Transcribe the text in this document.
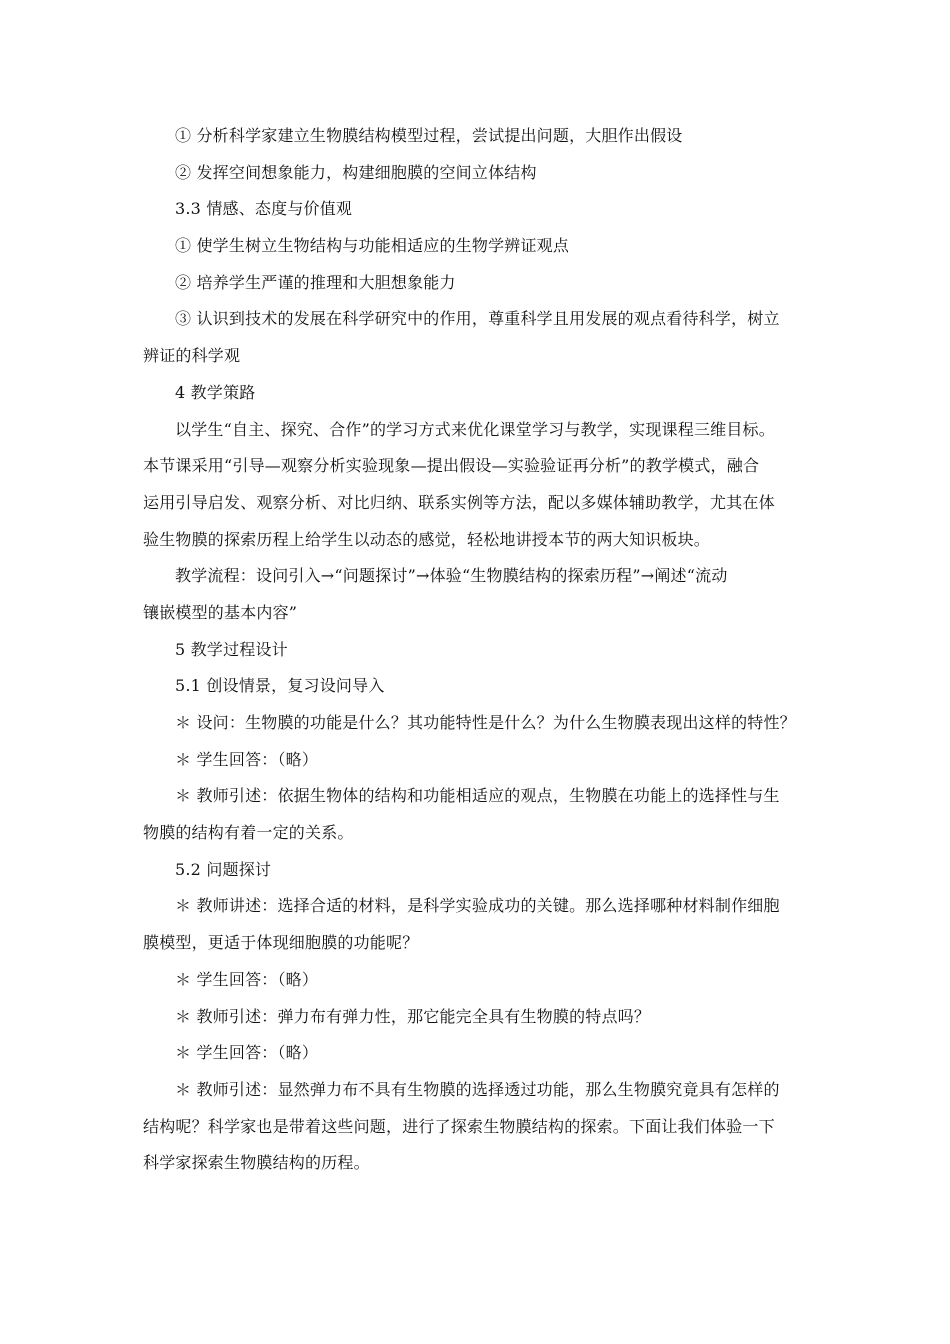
① 分析科学家建立生物膜结构模型过程，尝试提出问题，大胆作出假设
② 发挥空间想象能力，构建细胞膜的空间立体结构
3.3 情感、态度与价值观
① 使学生树立生物结构与功能相适应的生物学辨证观点
② 培养学生严谨的推理和大胆想象能力
③ 认识到技术的发展在科学研究中的作用，尊重科学且用发展的观点看待科学，树立
辨证的科学观
4 教学策路
以学生“自主、探究、合作”的学习方式来优化课堂学习与教学，实现课程三维目标。
本节课采用“引导—观察分析实验现象—提出假设—实验验证再分析”的教学模式，融合
运用引导启发、观察分析、对比归纳、联系实例等方法，配以多媒体辅助教学，尤其在体
验生物膜的探索历程上给学生以动态的感觉，轻松地讲授本节的两大知识板块。
教学流程：设问引入→“问题探讨”→体验“生物膜结构的探索历程”→阐述“流动
镶嵌模型的基本内容”
5 教学过程设计
5.1 创设情景，复习设问导入
＊ 设问：生物膜的功能是什么？其功能特性是什么？为什么生物膜表现出这样的特性？
＊ 学生回答：（略）
＊ 教师引述：依据生物体的结构和功能相适应的观点，生物膜在功能上的选择性与生
物膜的结构有着一定的关系。
5.2 问题探讨
＊ 教师讲述：选择合适的材料，是科学实验成功的关键。那么选择哪种材料制作细胞
膜模型，更适于体现细胞膜的功能呢？
＊ 学生回答：（略）
＊ 教师引述：弹力布有弹力性，那它能完全具有生物膜的特点吗？
＊ 学生回答：（略）
＊ 教师引述：显然弹力布不具有生物膜的选择透过功能，那么生物膜究竟具有怎样的
结构呢？科学家也是带着这些问题，进行了探索生物膜结构的探索。下面让我们体验一下
科学家探索生物膜结构的历程。
